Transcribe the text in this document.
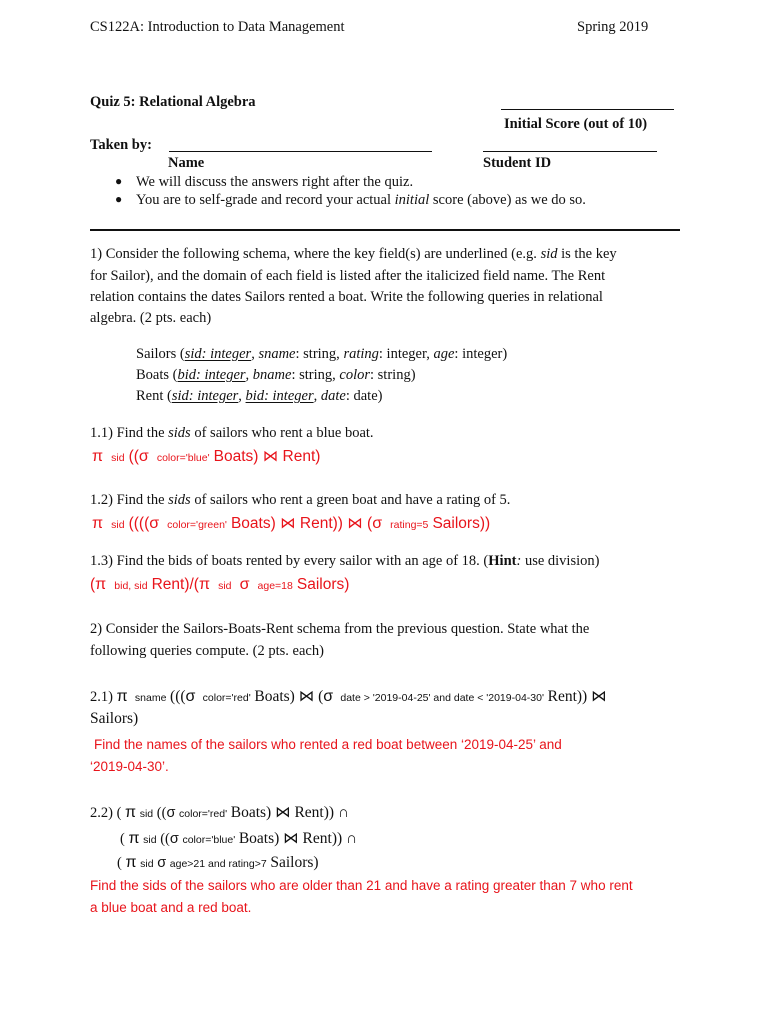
CS122A: Introduction to Data Management	Spring 2019
Quiz 5: Relational Algebra
Initial Score (out of 10)
Taken by:
Name	Student ID
● We will discuss the answers right after the quiz.
● You are to self-grade and record your actual initial score (above) as we do so.
1) Consider the following schema, where the key field(s) are underlined (e.g. sid is the key
for Sailor), and the domain of each field is listed after the italicized field name. The Rent
relation contains the dates Sailors rented a boat. Write the following queries in relational
algebra. (2 pts. each)
Sailors (sid: integer, sname: string, rating: integer, age: integer)
Boats (bid: integer, bname: string, color: string)
Rent (sid: integer, bid: integer, date: date)
1.1) Find the sids of sailors who rent a blue boat.
π sid ((σ color='blue' Boats) ⋈ Rent)
1.2) Find the sids of sailors who rent a green boat and have a rating of 5.
π sid ((((σ color='green' Boats) ⋈ Rent)) ⋈ (σ rating=5 Sailors))
1.3) Find the bids of boats rented by every sailor with an age of 18. (Hint: use division)
(π bid, sid Rent)/(π sid σ age=18 Sailors)
2) Consider the Sailors-Boats-Rent schema from the previous question. State what the
following queries compute. (2 pts. each)
2.1) π sname (((σ color='red' Boats) ⋈ (σ date > '2019-04-25' and date < '2019-04-30' Rent)) ⋈
Sailors)
Find the names of the sailors who rented a red boat between ‘2019-04-25’ and
‘2019-04-30’.
2.2) ( π sid ((σ color='red' Boats) ⋈ Rent)) ∩
( π sid ((σ color='blue' Boats) ⋈ Rent)) ∩
( π sid σ age>21 and rating>7 Sailors)
Find the sids of the sailors who are older than 21 and have a rating greater than 7 who rent
a blue boat and a red boat.
